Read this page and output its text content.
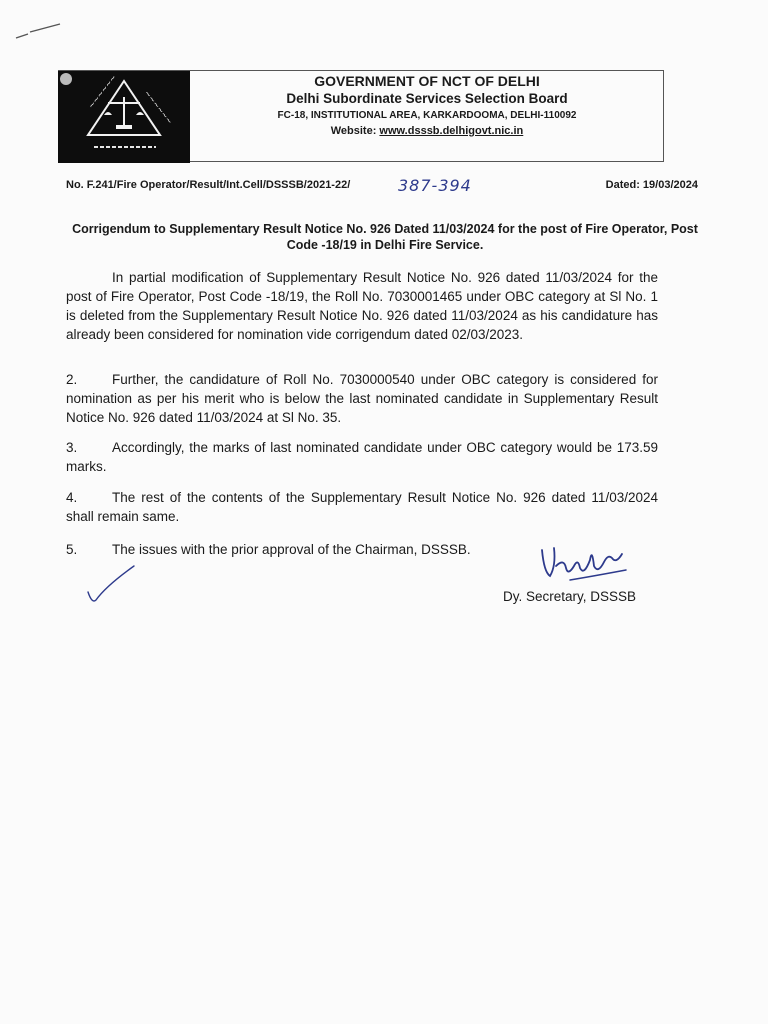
~~~~~~	~~~~~~
GOVERNMENT OF NCT OF DELHI
Delhi Subordinate Services Selection Board
FC-18, INSTITUTIONAL AREA, KARKARDOOMA, DELHI-110092
Website: www.dsssb.delhigovt.nic.in
No. F.241/Fire Operator/Result/Int.Cell/DSSSB/2021-22/	387-394	Dated: 19/03/2024
Corrigendum to Supplementary Result Notice No. 926 Dated 11/03/2024 for the post of Fire Operator, Post Code -18/19 in Delhi Fire Service.
In partial modification of Supplementary Result Notice No. 926 dated 11/03/2024 for the post of Fire Operator, Post Code -18/19, the Roll No. 7030001465 under OBC category at Sl No. 1 is deleted from the Supplementary Result Notice No. 926 dated 11/03/2024 as his candidature has already been considered for nomination vide corrigendum dated 02/03/2023.
2.	Further, the candidature of Roll No. 7030000540 under OBC category is considered for nomination as per his merit who is below the last nominated candidate in Supplementary Result Notice No. 926 dated 11/03/2024 at Sl No. 35.
3.	Accordingly, the marks of last nominated candidate under OBC category would be 173.59 marks.
4.	The rest of the contents of the Supplementary Result Notice No. 926 dated 11/03/2024 shall remain same.
5.	The issues with the prior approval of the Chairman, DSSSB.
Dy. Secretary, DSSSB
